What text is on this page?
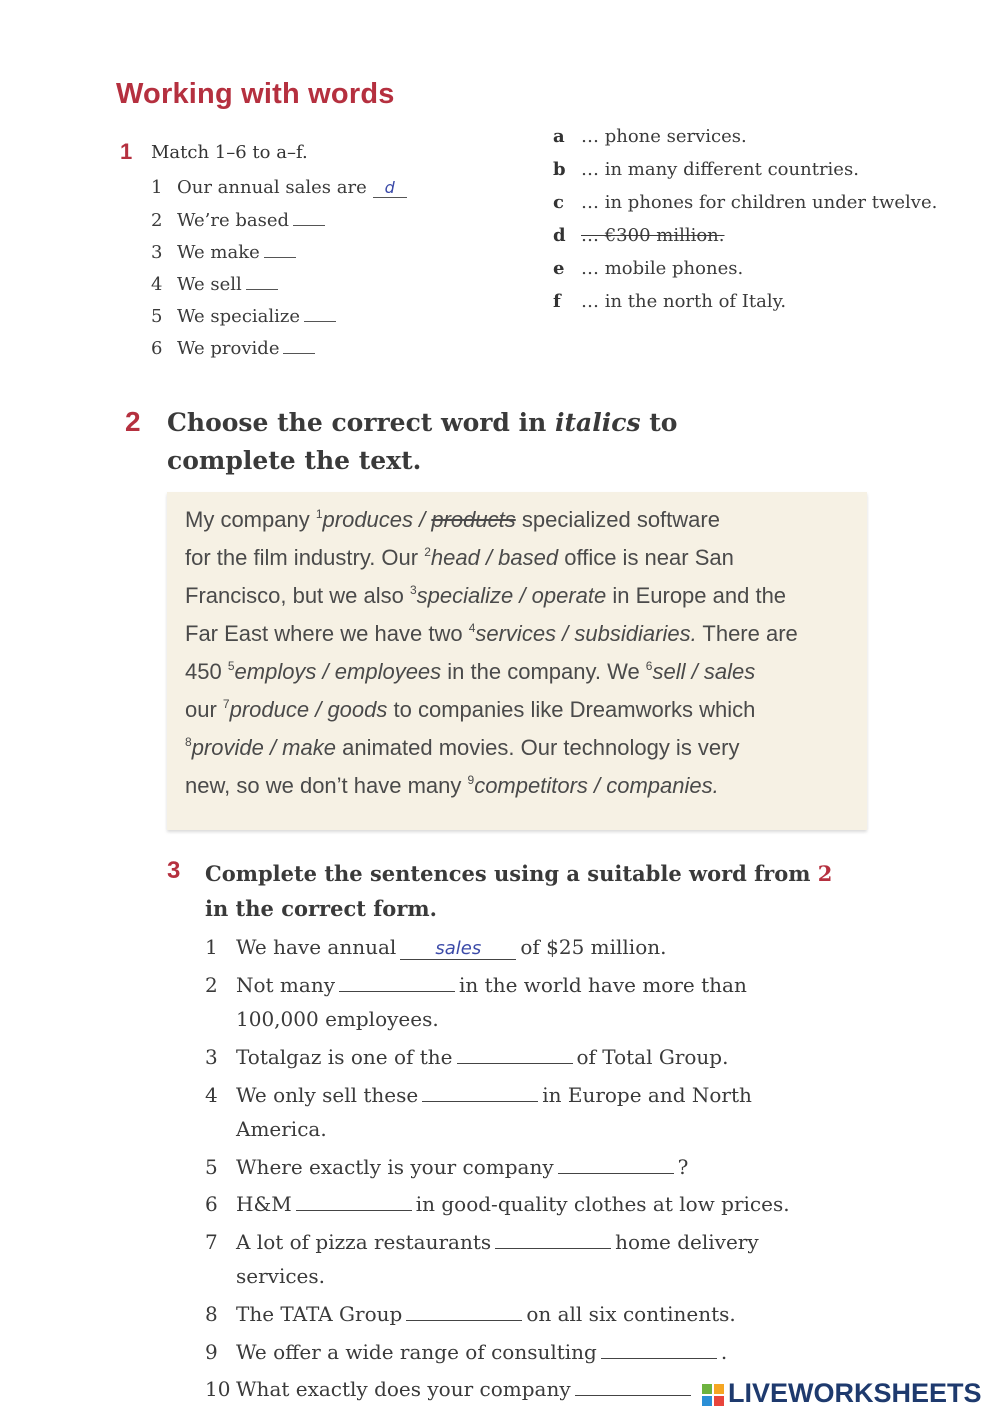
Working with words
1 Match 1–6 to a–f.
1 Our annual sales are d
2 We’re based
3 We make
4 We sell
5 We specialize
6 We provide
a … phone services.
b … in many different countries.
c … in phones for children under twelve.
d … €300 million.
e … mobile phones.
f … in the north of Italy.
2 Choose the correct word in italics to complete the text.
My company $^1$produces / products specialized software
for the film industry. Our $^2$head / based office is near San
Francisco, but we also $^3$specialize / operate in Europe and the
Far East where we have two $^4$services / subsidiaries. There are
450 $^5$employs / employees in the company. We $^6$sell / sales
our $^7$produce / goods to companies like Dreamworks which
$^8$provide / make animated movies. Our technology is very
new, so we don’t have many $^9$competitors / companies.
3 Complete the sentences using a suitable word from 2
in the correct form.
1 We have annual sales of $25 million.
2 Not many	in the world have more than
100,000 employees.
3 Totalgaz is one of the	of Total Group.
4 We only sell these	in Europe and North
America.
5 Where exactly is your company	?
6 H&M	in good-quality clothes at low prices.
7 A lot of pizza restaurants	home delivery
services.
8 The TATA Group	on all six continents.
9 We offer a wide range of consulting	.
10 What exactly does your company	LIVEWORKSHEETS
